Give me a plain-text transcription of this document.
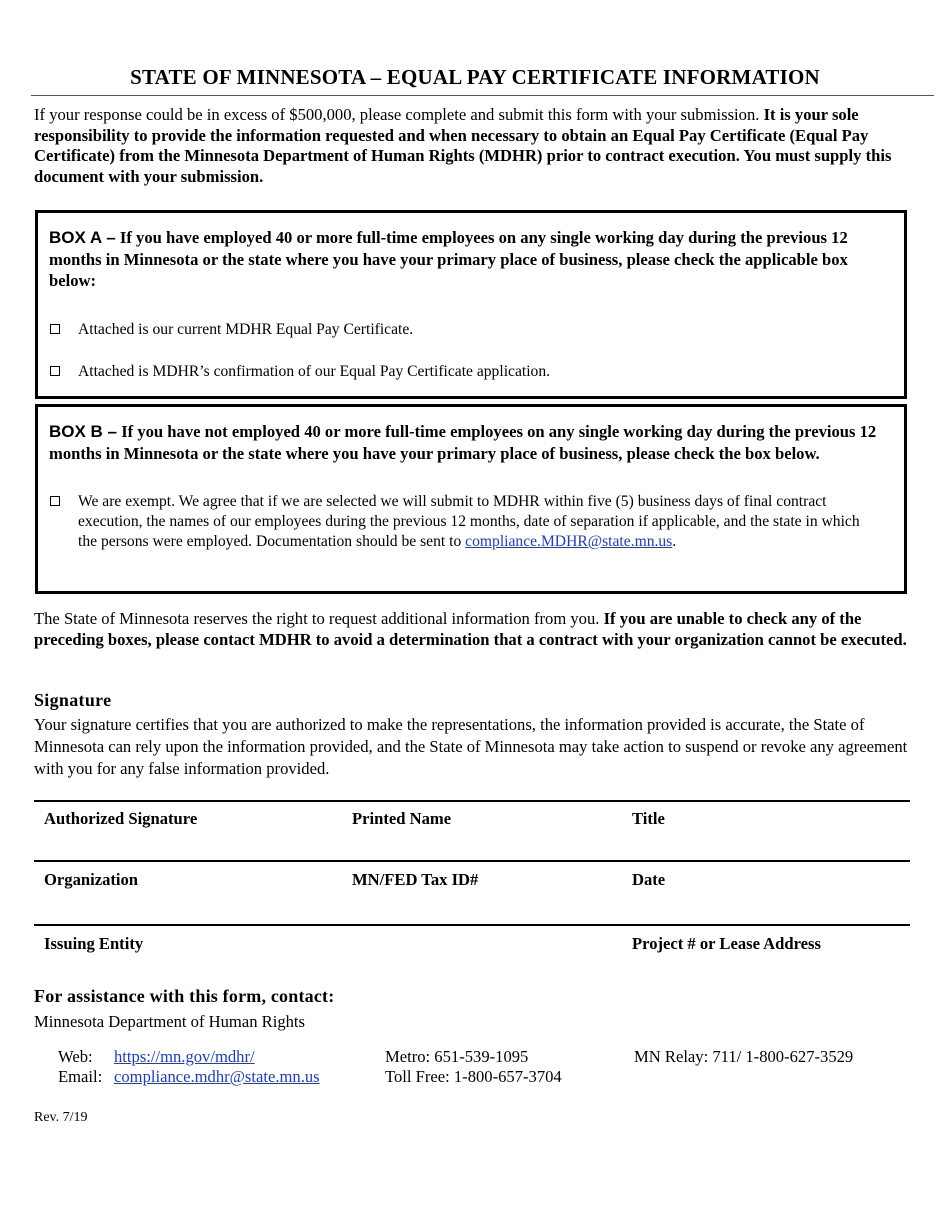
STATE OF MINNESOTA – EQUAL PAY CERTIFICATE INFORMATION
If your response could be in excess of $500,000, please complete and submit this form with your submission. It is your sole responsibility to provide the information requested and when necessary to obtain an Equal Pay Certificate (Equal Pay Certificate) from the Minnesota Department of Human Rights (MDHR) prior to contract execution. You must supply this document with your submission.
BOX A – If you have employed 40 or more full-time employees on any single working day during the previous 12 months in Minnesota or the state where you have your primary place of business, please check the applicable box below:
Attached is our current MDHR Equal Pay Certificate.
Attached is MDHR’s confirmation of our Equal Pay Certificate application.
BOX B – If you have not employed 40 or more full-time employees on any single working day during the previous 12 months in Minnesota or the state where you have your primary place of business, please check the box below.
We are exempt. We agree that if we are selected we will submit to MDHR within five (5) business days of final contract execution, the names of our employees during the previous 12 months, date of separation if applicable, and the state in which the persons were employed. Documentation should be sent to compliance.MDHR@state.mn.us.
The State of Minnesota reserves the right to request additional information from you. If you are unable to check any of the preceding boxes, please contact MDHR to avoid a determination that a contract with your organization cannot be executed.
Signature
Your signature certifies that you are authorized to make the representations, the information provided is accurate, the State of Minnesota can rely upon the information provided, and the State of Minnesota may take action to suspend or revoke any agreement with you for any false information provided.
Authorized Signature	Printed Name	Title
Organization	MN/FED Tax ID#	Date
Issuing Entity	Project # or Lease Address
For assistance with this form, contact:
Minnesota Department of Human Rights
Web: https://mn.gov/mdhr/
Email: compliance.mdhr@state.mn.us
Metro: 651-539-1095
Toll Free: 1-800-657-3704
MN Relay: 711/ 1-800-627-3529
Rev. 7/19
